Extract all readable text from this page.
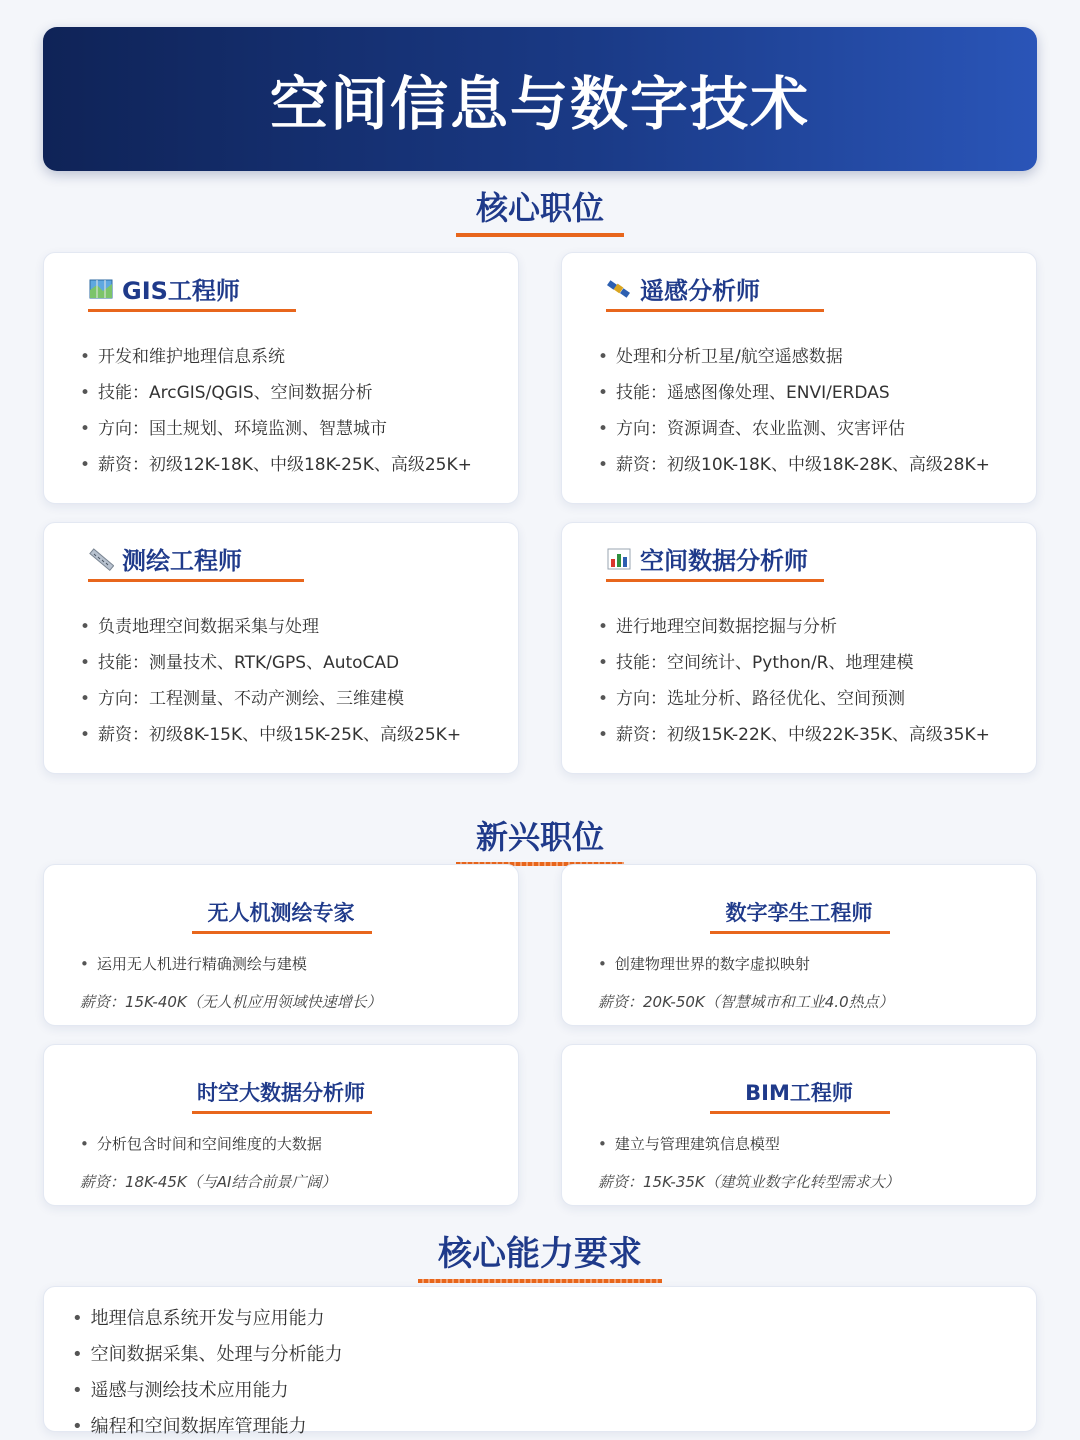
空间信息与数字技术
核心职位
GIS工程师
• 开发和维护地理信息系统
• 技能：ArcGIS/QGIS、空间数据分析
• 方向：国土规划、环境监测、智慧城市
• 薪资：初级12K-18K、中级18K-25K、高级25K+
遥感分析师
• 处理和分析卫星/航空遥感数据
• 技能：遥感图像处理、ENVI/ERDAS
• 方向：资源调查、农业监测、灾害评估
• 薪资：初级10K-18K、中级18K-28K、高级28K+
测绘工程师
• 负责地理空间数据采集与处理
• 技能：测量技术、RTK/GPS、AutoCAD
• 方向：工程测量、不动产测绘、三维建模
• 薪资：初级8K-15K、中级15K-25K、高级25K+
空间数据分析师
• 进行地理空间数据挖掘与分析
• 技能：空间统计、Python/R、地理建模
• 方向：选址分析、路径优化、空间预测
• 薪资：初级15K-22K、中级22K-35K、高级35K+
新兴职位
无人机测绘专家
• 运用无人机进行精确测绘与建模
薪资：15K-40K（无人机应用领域快速增长）
数字孪生工程师
• 创建物理世界的数字虚拟映射
薪资：20K-50K（智慧城市和工业4.0热点）
时空大数据分析师
• 分析包含时间和空间维度的大数据
薪资：18K-45K（与AI结合前景广阔）
BIM工程师
• 建立与管理建筑信息模型
薪资：15K-35K（建筑业数字化转型需求大）
核心能力要求
• 地理信息系统开发与应用能力
• 空间数据采集、处理与分析能力
• 遥感与测绘技术应用能力
• 编程和空间数据库管理能力
